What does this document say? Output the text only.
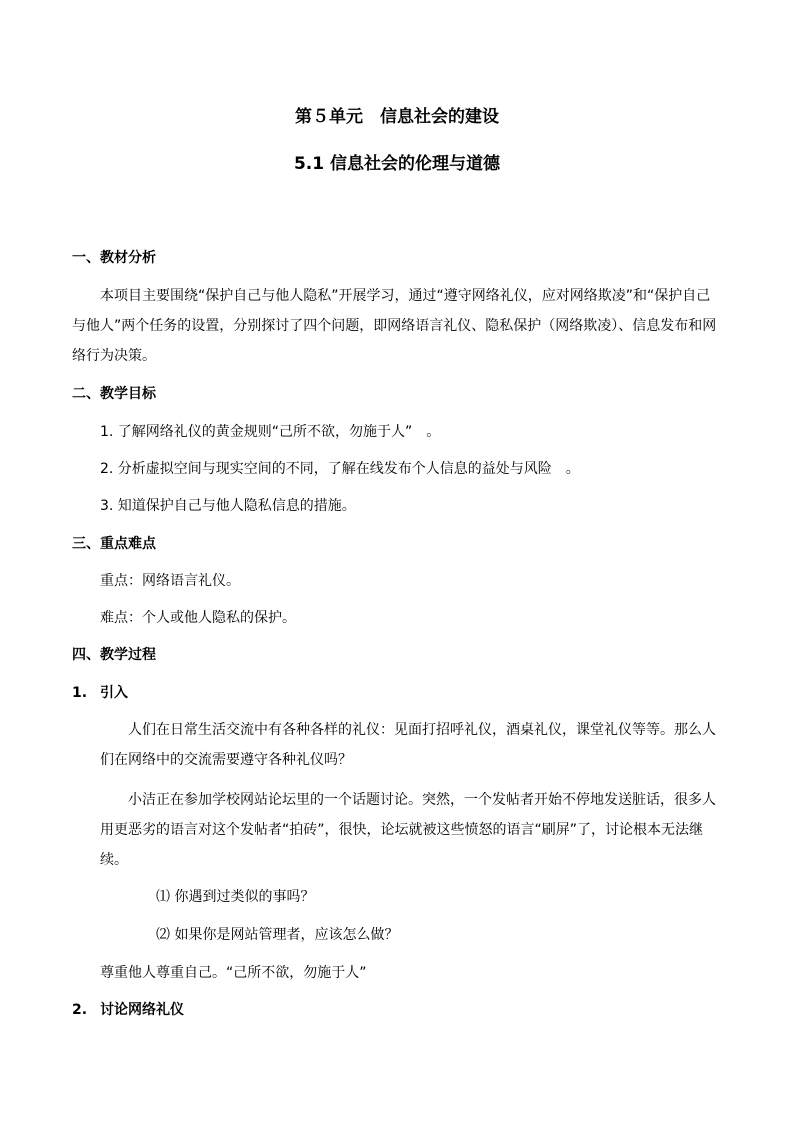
第５单元　信息社会的建设
5.1 信息社会的伦理与道德
一、教材分析
本项目主要围绕“保护自己与他人隐私”开展学习，通过“遵守网络礼仪，应对网络欺凌”和“保护自己与他人”两个任务的设置，分别探讨了四个问题，即网络语言礼仪、隐私保护（网络欺凌）、信息发布和网络行为决策。
二、教学目标
1. 了解网络礼仪的黄金规则“己所不欲，勿施于人”　。
2. 分析虚拟空间与现实空间的不同，了解在线发布个人信息的益处与风险　。
3. 知道保护自己与他人隐私信息的措施。
三、重点难点
重点：网络语言礼仪。
难点：个人或他人隐私的保护。
四、教学过程
1. 引入
人们在日常生活交流中有各种各样的礼仪：见面打招呼礼仪，酒桌礼仪，课堂礼仪等等。那么人们在网络中的交流需要遵守各种礼仪吗？
小洁正在参加学校网站论坛里的一个话题讨论。突然，一个发帖者开始不停地发送脏话，很多人用更恶劣的语言对这个发帖者“拍砖”，很快，论坛就被这些愤怒的语言“刷屏”了，讨论根本无法继续。
⑴ 你遇到过类似的事吗？
⑵ 如果你是网站管理者，应该怎么做？
尊重他人尊重自己。“己所不欲，勿施于人”
2. 讨论网络礼仪
